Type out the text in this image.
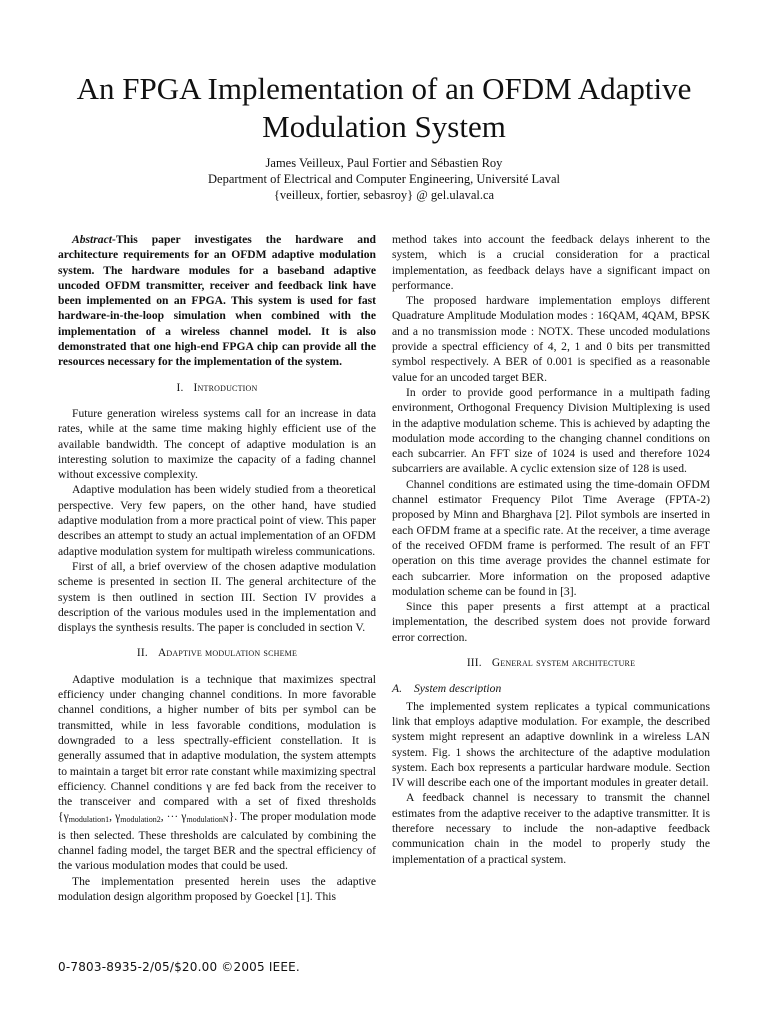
An FPGA Implementation of an OFDM Adaptive Modulation System
James Veilleux, Paul Fortier and Sébastien Roy
Department of Electrical and Computer Engineering, Université Laval
{veilleux, fortier, sebasroy} @ gel.ulaval.ca

Abstract-This paper investigates the hardware and architecture requirements for an OFDM adaptive modulation system. The hardware modules for a baseband adaptive uncoded OFDM transmitter, receiver and feedback link have been implemented on an FPGA. This system is used for fast hardware-in-the-loop simulation when combined with the implementation of a wireless channel model. It is also demonstrated that one high-end FPGA chip can provide all the resources necessary for the implementation of the system.

I. Introduction

Future generation wireless systems call for an increase in data rates, while at the same time making highly efficient use of the available bandwidth. The concept of adaptive modulation is an interesting solution to maximize the capacity of a fading channel without excessive complexity.

Adaptive modulation has been widely studied from a theoretical perspective. Very few papers, on the other hand, have studied adaptive modulation from a more practical point of view. This paper describes an attempt to study an actual implementation of an OFDM adaptive modulation system for multipath wireless communications.

First of all, a brief overview of the chosen adaptive modulation scheme is presented in section II. The general architecture of the system is then outlined in section III. Section IV provides a description of the various modules used in the implementation and displays the synthesis results. The paper is concluded in section V.

II. Adaptive modulation scheme

Adaptive modulation is a technique that maximizes spectral efficiency under changing channel conditions. In more favorable channel conditions, a higher number of bits per symbol can be transmitted, while in less favorable conditions, modulation is downgraded to a less spectrally-efficient constellation. It is generally assumed that in adaptive modulation, the system attempts to maintain a target bit error rate constant while maximizing spectral efficiency. Channel conditions γ are fed back from the receiver to the transceiver and compared with a set of fixed thresholds {$\gamma_{modulation1}$, $\gamma_{modulation2}$, ··· $\gamma_{modulationN}$}. The proper modulation mode is then selected. These thresholds are calculated by combining the channel fading model, the target BER and the spectral efficiency of the various modulation modes that could be used.

The implementation presented herein uses the adaptive modulation design algorithm proposed by Goeckel [1]. This

method takes into account the feedback delays inherent to the system, which is a crucial consideration for a practical implementation, as feedback delays have a significant impact on performance.

The proposed hardware implementation employs different Quadrature Amplitude Modulation modes : 16QAM, 4QAM, BPSK and a no transmission mode : NOTX. These uncoded modulations provide a spectral efficiency of 4, 2, 1 and 0 bits per transmitted symbol respectively. A BER of 0.001 is specified as a reasonable value for an uncoded target BER.

In order to provide good performance in a multipath fading environment, Orthogonal Frequency Division Multiplexing is used in the adaptive modulation scheme. This is achieved by adapting the modulation mode according to the changing channel conditions on each subcarrier. An FFT size of 1024 is used and therefore 1024 subcarriers are available. A cyclic extension size of 128 is used.

Channel conditions are estimated using the time-domain OFDM channel estimator Frequency Pilot Time Average (FPTA-2) proposed by Minn and Bharghava [2]. Pilot symbols are inserted in each OFDM frame at a specific rate. At the receiver, a time average of the received OFDM frame is performed. The result of an FFT operation on this time average provides the channel estimate for each subcarrier. More information on the proposed adaptive modulation scheme can be found in [3].

Since this paper presents a first attempt at a practical implementation, the described system does not provide forward error correction.

III. General system architecture
A. System description

The implemented system replicates a typical communications link that employs adaptive modulation. For example, the described system might represent an adaptive downlink in a wireless LAN system. Fig. 1 shows the architecture of the adaptive modulation system. Each box represents a particular hardware module. Section IV will describe each one of the important modules in greater detail.

A feedback channel is necessary to transmit the channel estimates from the adaptive receiver to the adaptive transmitter. It is therefore necessary to include the non-adaptive feedback communication chain in the model to properly study the implementation of a practical system.

0-7803-8935-2/05/$20.00 ©2005 IEEE.
